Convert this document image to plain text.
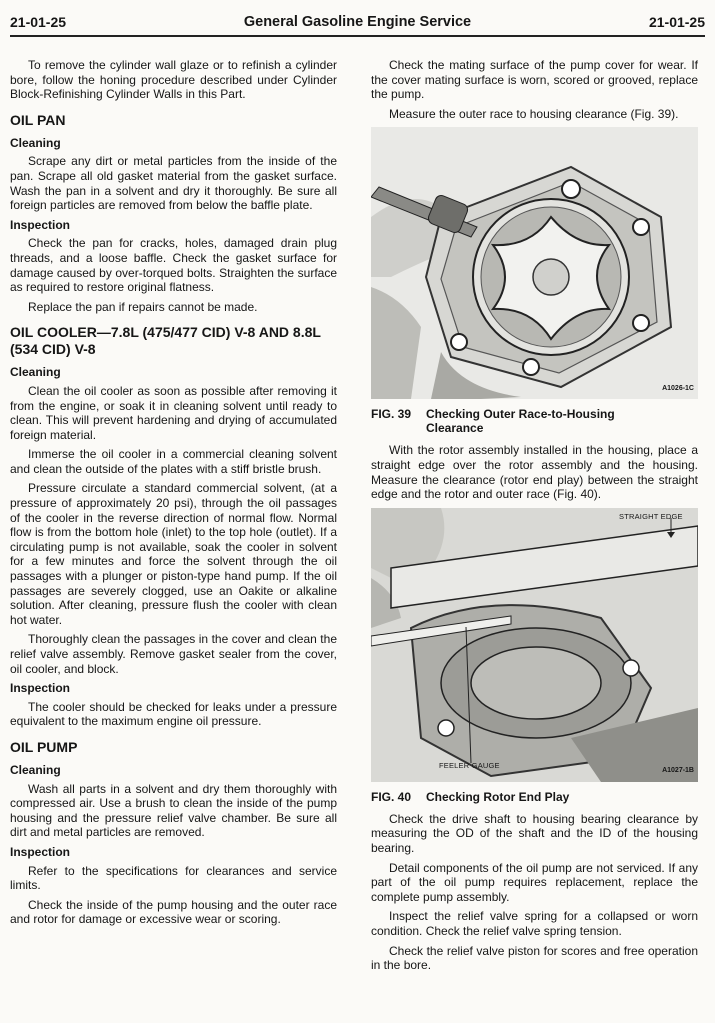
21-01-25	General Gasoline Engine Service	21-01-25

To remove the cylinder wall glaze or to refinish a cylinder bore, follow the honing procedure described under Cylinder Block-Refinishing Cylinder Walls in this Part.

OIL PAN
Cleaning

Scrape any dirt or metal particles from the inside of the pan. Scrape all old gasket material from the gasket surface. Wash the pan in a solvent and dry it thoroughly. Be sure all foreign particles are removed from below the baffle plate.

Inspection

Check the pan for cracks, holes, damaged drain plug threads, and a loose baffle. Check the gasket surface for damage caused by over-torqued bolts. Straighten the surface as required to restore original flatness.

Replace the pan if repairs cannot be made.

OIL COOLER—7.8L (475/477 CID) V-8 AND 8.8L (534 CID) V-8
Cleaning

Clean the oil cooler as soon as possible after removing it from the engine, or soak it in cleaning solvent until ready to clean. This will prevent hardening and drying of accumulated foreign material.

Immerse the oil cooler in a commercial cleaning solvent and clean the outside of the plates with a stiff bristle brush.

Pressure circulate a standard commercial solvent, (at a pressure of approximately 20 psi), through the oil passages of the cooler in the reverse direction of normal flow. Normal flow is from the bottom hole (inlet) to the top hole (outlet). If a circulating pump is not available, soak the cooler in solvent for a few minutes and force the solvent through the oil passages with a plunger or piston-type hand pump. If the oil passages are severely clogged, use an Oakite or alkaline solution. After cleaning, pressure flush the cooler with clean hot water.

Thoroughly clean the passages in the cover and clean the relief valve assembly. Remove gasket sealer from the cover, oil cooler, and block.

Inspection

The cooler should be checked for leaks under a pressure equivalent to the maximum engine oil pressure.

OIL PUMP
Cleaning

Wash all parts in a solvent and dry them thoroughly with compressed air. Use a brush to clean the inside of the pump housing and the pressure relief valve chamber. Be sure all dirt and metal particles are removed.

Inspection

Refer to the specifications for clearances and service limits.

Check the inside of the pump housing and the outer race and rotor for damage or excessive wear or scoring.

Check the mating surface of the pump cover for wear. If the cover mating surface is worn, scored or grooved, replace the pump.

Measure the outer race to housing clearance (Fig. 39).

A1026-1C
FIG. 39 Checking Outer Race-to-Housing
Clearance

With the rotor assembly installed in the housing, place a straight edge over the rotor assembly and the housing. Measure the clearance (rotor end play) between the straight edge and the rotor and outer race (Fig. 40).

STRAIGHT EDGE
FEELER GAUGE
A1027-1B
FIG. 40 Checking Rotor End Play

Check the drive shaft to housing bearing clearance by measuring the OD of the shaft and the ID of the housing bearing.

Detail components of the oil pump are not serviced. If any part of the oil pump requires replacement, replace the complete pump assembly.

Inspect the relief valve spring for a collapsed or worn condition. Check the relief valve spring tension.

Check the relief valve piston for scores and free operation in the bore.
